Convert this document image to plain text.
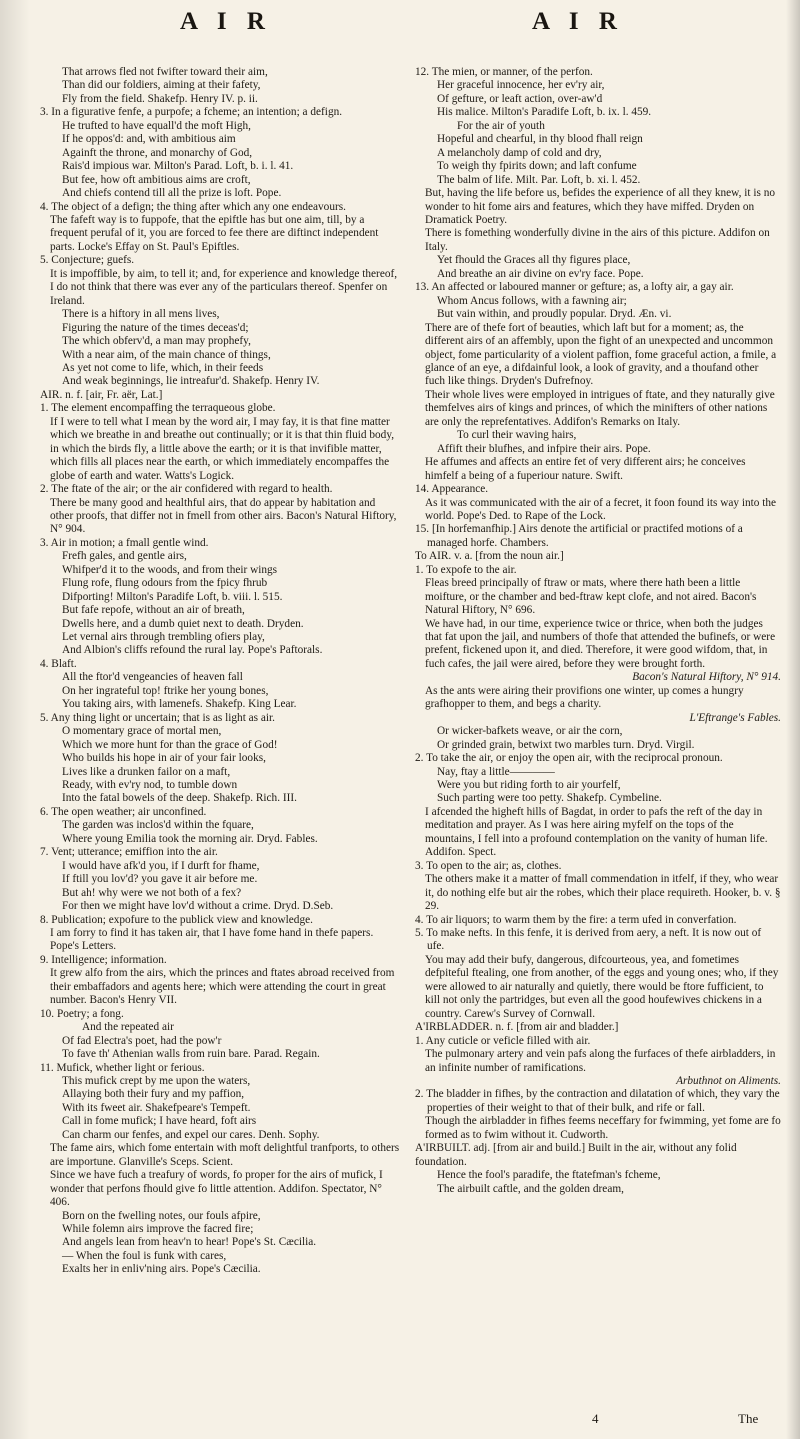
A I R	A I R

That arrows fled not fwifter toward their aim,

Than did our foldiers, aiming at their fafety,

Fly from the field. Shakefp. Henry IV. p. ii.

3. In a figurative fenfe, a purpofe; a fcheme; an intention; a defign.

He trufted to have equall'd the moft High,

If he oppos'd: and, with ambitious aim

Againft the throne, and monarchy of God,

Rais'd impious war. Milton's Parad. Loft, b. i. l. 41.

But fee, how oft ambitious aims are croft,

And chiefs contend till all the prize is loft. Pope.

4. The object of a defign; the thing after which any one endeavours.

The fafeft way is to fuppofe, that the epiftle has but one aim, till, by a frequent perufal of it, you are forced to fee there are diftinct independent parts. Locke's Effay on St. Paul's Epiftles.

5. Conjecture; guefs.

It is impoffible, by aim, to tell it; and, for experience and knowledge thereof, I do not think that there was ever any of the particulars thereof. Spenfer on Ireland.

There is a hiftory in all mens lives,

Figuring the nature of the times deceas'd;

The which obferv'd, a man may prophefy,

With a near aim, of the main chance of things,

As yet not come to life, which, in their feeds

And weak beginnings, lie intreafur'd. Shakefp. Henry IV.

AIR. n. f. [air, Fr. aër, Lat.]

1. The element encompaffing the terraqueous globe.

If I were to tell what I mean by the word air, I may fay, it is that fine matter which we breathe in and breathe out continually; or it is that thin fluid body, in which the birds fly, a little above the earth; or it is that invifible matter, which fills all places near the earth, or which immediately encompaffes the globe of earth and water. Watts's Logick.

2. The ftate of the air; or the air confidered with regard to health.

There be many good and healthful airs, that do appear by habitation and other proofs, that differ not in fmell from other airs. Bacon's Natural Hiftory, N° 904.

3. Air in motion; a fmall gentle wind.

Frefh gales, and gentle airs,

Whifper'd it to the woods, and from their wings

Flung rofe, flung odours from the fpicy fhrub

Difporting! Milton's Paradife Loft, b. viii. l. 515.

But fafe repofe, without an air of breath,

Dwells here, and a dumb quiet next to death. Dryden.

Let vernal airs through trembling ofiers play,

And Albion's cliffs refound the rural lay. Pope's Paftorals.

4. Blaft.

All the ftor'd vengeancies of heaven fall

On her ingrateful top! ftrike her young bones,

You taking airs, with lamenefs. Shakefp. King Lear.

5. Any thing light or uncertain; that is as light as air.

O momentary grace of mortal men,

Which we more hunt for than the grace of God!

Who builds his hope in air of your fair looks,

Lives like a drunken failor on a maft,

Ready, with ev'ry nod, to tumble down

Into the fatal bowels of the deep. Shakefp. Rich. III.

6. The open weather; air unconfined.

The garden was inclos'd within the fquare,

Where young Emilia took the morning air. Dryd. Fables.

7. Vent; utterance; emiffion into the air.

I would have afk'd you, if I durft for fhame,

If ftill you lov'd? you gave it air before me.

But ah! why were we not both of a fex?

For then we might have lov'd without a crime. Dryd. D.Seb.

8. Publication; expofure to the publick view and knowledge.

I am forry to find it has taken air, that I have fome hand in thefe papers. Pope's Letters.

9. Intelligence; information.

It grew alfo from the airs, which the princes and ftates abroad received from their embaffadors and agents here; which were attending the court in great number. Bacon's Henry VII.

10. Poetry; a fong.

And the repeated air

Of fad Electra's poet, had the pow'r

To fave th' Athenian walls from ruin bare. Parad. Regain.

11. Mufick, whether light or ferious.

This mufick crept by me upon the waters,

Allaying both their fury and my paffion,

With its fweet air. Shakefpeare's Tempeft.

Call in fome mufick; I have heard, foft airs

Can charm our fenfes, and expel our cares. Denh. Sophy.

The fame airs, which fome entertain with moft delightful tranfports, to others are importune. Glanville's Sceps. Scient.

Since we have fuch a treafury of words, fo proper for the airs of mufick, I wonder that perfons fhould give fo little attention. Addifon. Spectator, N° 406.

Born on the fwelling notes, our fouls afpire,

While folemn airs improve the facred fire;

And angels lean from heav'n to hear! Pope's St. Cæcilia.

— When the foul is funk with cares,

Exalts her in enliv'ning airs. Pope's Cæcilia.

12. The mien, or manner, of the perfon.

Her graceful innocence, her ev'ry air,

Of gefture, or leaft action, over-aw'd

His malice. Milton's Paradife Loft, b. ix. l. 459.

For the air of youth

Hopeful and chearful, in thy blood fhall reign

A melancholy damp of cold and dry,

To weigh thy fpirits down; and laft confume

The balm of life. Milt. Par. Loft, b. xi. l. 452.

But, having the life before us, befides the experience of all they knew, it is no wonder to hit fome airs and features, which they have miffed. Dryden on Dramatick Poetry.

There is fomething wonderfully divine in the airs of this picture. Addifon on Italy.

Yet fhould the Graces all thy figures place,

And breathe an air divine on ev'ry face. Pope.

13. An affected or laboured manner or gefture; as, a lofty air, a gay air.

Whom Ancus follows, with a fawning air;

But vain within, and proudly popular. Dryd. Æn. vi.

There are of thefe fort of beauties, which laft but for a moment; as, the different airs of an affembly, upon the fight of an unexpected and uncommon object, fome particularity of a violent paffion, fome graceful action, a fmile, a glance of an eye, a difdainful look, a look of gravity, and a thoufand other fuch like things. Dryden's Dufrefnoy.

Their whole lives were employed in intrigues of ftate, and they naturally give themfelves airs of kings and princes, of which the minifters of other nations are only the reprefentatives. Addifon's Remarks on Italy.

To curl their waving hairs,

Affift their blufhes, and infpire their airs. Pope.

He affumes and affects an entire fet of very different airs; he conceives himfelf a being of a fuperiour nature. Swift.

14. Appearance.

As it was communicated with the air of a fecret, it foon found its way into the world. Pope's Ded. to Rape of the Lock.

15. [In horfemanfhip.] Airs denote the artificial or practifed motions of a managed horfe. Chambers.

To AIR. v. a. [from the noun air.]

1. To expofe to the air.

Fleas breed principally of ftraw or mats, where there hath been a little moifture, or the chamber and bed-ftraw kept clofe, and not aired. Bacon's Natural Hiftory, N° 696.

We have had, in our time, experience twice or thrice, when both the judges that fat upon the jail, and numbers of thofe that attended the bufinefs, or were prefent, fickened upon it, and died. Therefore, it were good wifdom, that, in fuch cafes, the jail were aired, before they were brought forth.

Bacon's Natural Hiftory, N° 914.

As the ants were airing their provifions one winter, up comes a hungry grafhopper to them, and begs a charity.

L'Eftrange's Fables.

Or wicker-bafkets weave, or air the corn,

Or grinded grain, betwixt two marbles turn. Dryd. Virgil.

2. To take the air, or enjoy the open air, with the reciprocal pronoun.

Nay, ftay a little————

Were you but riding forth to air yourfelf,

Such parting were too petty. Shakefp. Cymbeline.

I afcended the higheft hills of Bagdat, in order to pafs the reft of the day in meditation and prayer. As I was here airing myfelf on the tops of the mountains, I fell into a profound contemplation on the vanity of human life. Addifon. Spect.

3. To open to the air; as, clothes.

The others make it a matter of fmall commendation in itfelf, if they, who wear it, do nothing elfe but air the robes, which their place requireth. Hooker, b. v. § 29.

4. To air liquors; to warm them by the fire: a term ufed in converfation.

5. To make nefts. In this fenfe, it is derived from aery, a neft. It is now out of ufe.

You may add their bufy, dangerous, difcourteous, yea, and fometimes defpiteful ftealing, one from another, of the eggs and young ones; who, if they were allowed to air naturally and quietly, there would be ftore fufficient, to kill not only the partridges, but even all the good houfewives chickens in a country. Carew's Survey of Cornwall.

A'IRBLADDER. n. f. [from air and bladder.]

1. Any cuticle or veficle filled with air.

The pulmonary artery and vein pafs along the furfaces of thefe airbladders, in an infinite number of ramifications.

Arbuthnot on Aliments.

2. The bladder in fifhes, by the contraction and dilatation of which, they vary the properties of their weight to that of their bulk, and rife or fall.

Though the airbladder in fifhes feems neceffary for fwimming, yet fome are fo formed as to fwim without it. Cudworth.

A'IRBUILT. adj. [from air and build.] Built in the air, without any folid foundation.

Hence the fool's paradife, the ftatefman's fcheme,

The airbuilt caftle, and the golden dream,

4	The
